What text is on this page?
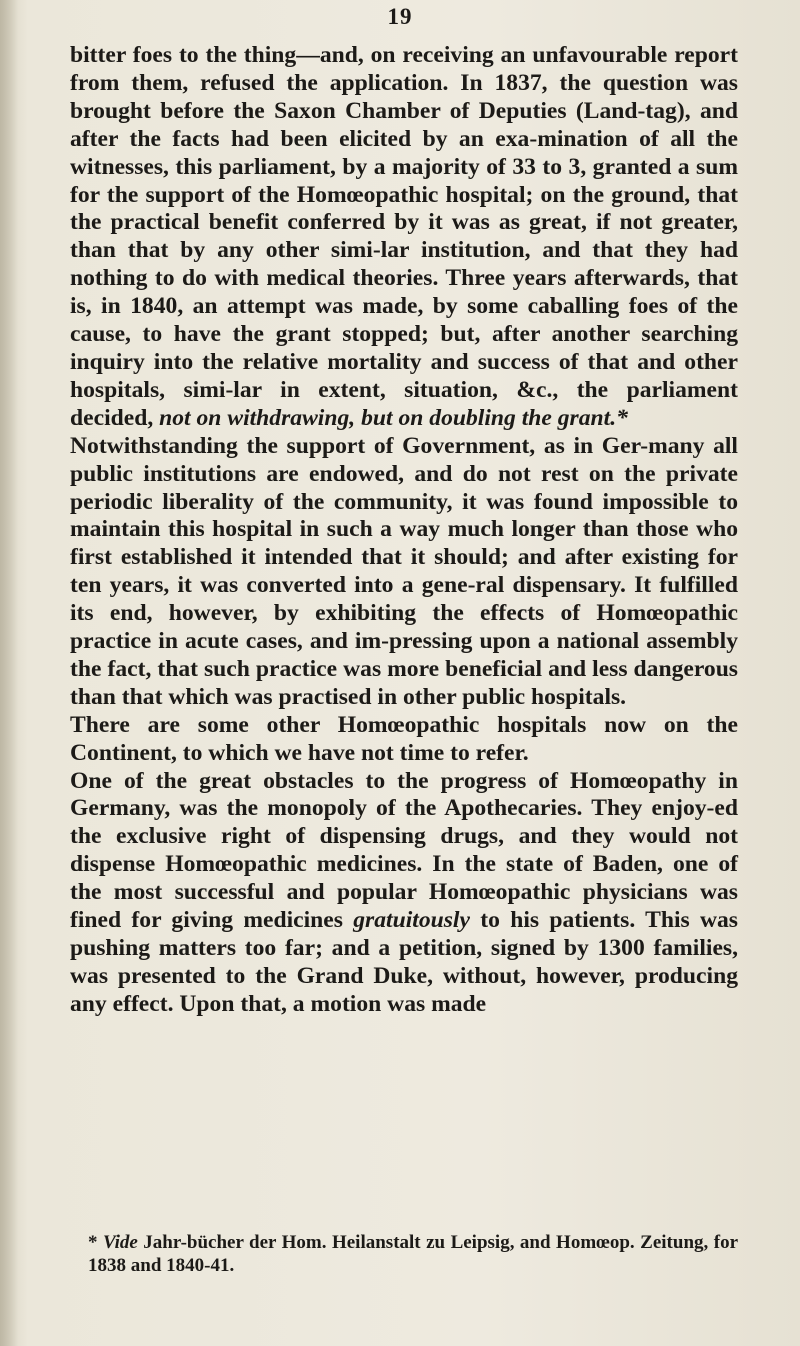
19

bitter foes to the thing—and, on receiving an unfavourable report from them, refused the application. In 1837, the question was brought before the Saxon Chamber of Deputies (Land-tag), and after the facts had been elicited by an exa-mination of all the witnesses, this parliament, by a majority of 33 to 3, granted a sum for the support of the Homœopathic hospital; on the ground, that the practical benefit conferred by it was as great, if not greater, than that by any other simi-lar institution, and that they had nothing to do with medical theories. Three years afterwards, that is, in 1840, an attempt was made, by some caballing foes of the cause, to have the grant stopped; but, after another searching inquiry into the relative mortality and success of that and other hospitals, simi-lar in extent, situation, &c., the parliament decided, not on withdrawing, but on doubling the grant.*

Notwithstanding the support of Government, as in Ger-many all public institutions are endowed, and do not rest on the private periodic liberality of the community, it was found impossible to maintain this hospital in such a way much longer than those who first established it intended that it should; and after existing for ten years, it was converted into a gene-ral dispensary. It fulfilled its end, however, by exhibiting the effects of Homœopathic practice in acute cases, and im-pressing upon a national assembly the fact, that such practice was more beneficial and less dangerous than that which was practised in other public hospitals.

There are some other Homœopathic hospitals now on the Continent, to which we have not time to refer.

One of the great obstacles to the progress of Homœopathy in Germany, was the monopoly of the Apothecaries. They enjoy-ed the exclusive right of dispensing drugs, and they would not dispense Homœopathic medicines. In the state of Baden, one of the most successful and popular Homœopathic physicians was fined for giving medicines gratuitously to his patients. This was pushing matters too far; and a petition, signed by 1300 families, was presented to the Grand Duke, without, however, producing any effect. Upon that, a motion was made

* Vide Jahr-bücher der Hom. Heilanstalt zu Leipsig, and Homœop. Zeitung, for 1838 and 1840-41.
